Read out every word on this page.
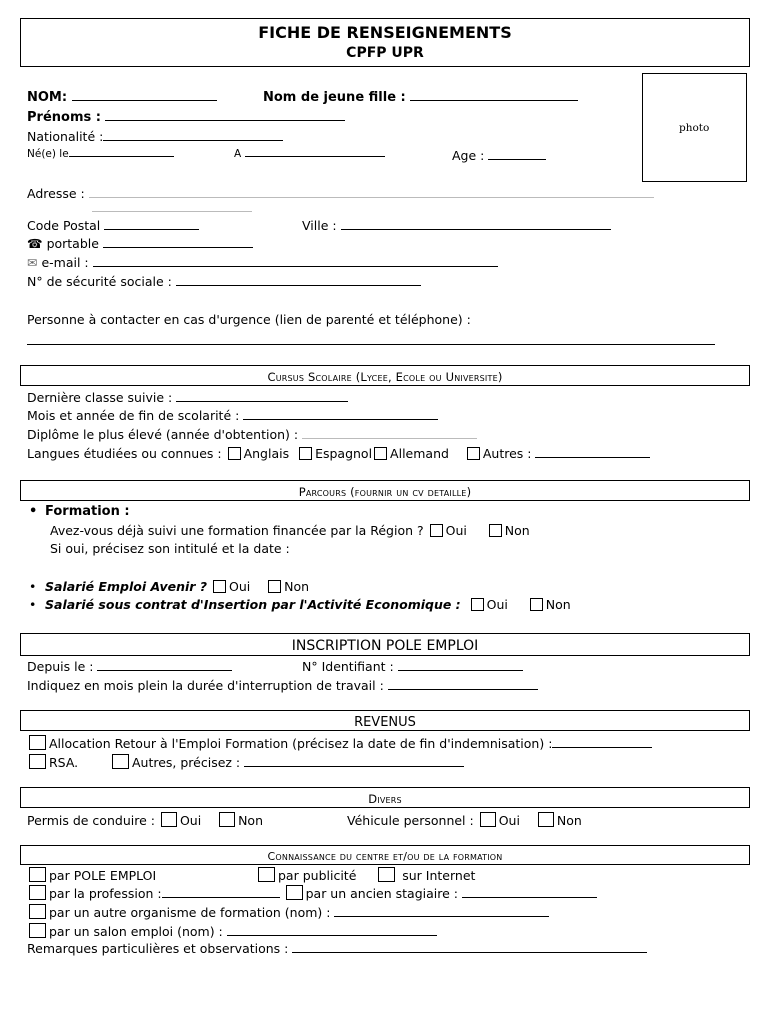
FICHE DE RENSEIGNEMENTS
CPFP UPR
photo
NOM:	Nom de jeune fille :
Prénoms :
Nationalité :
Né(e) le	A	Age :
Adresse :
Code Postal	Ville :
☎ portable
✉ e-mail :
N° de sécurité sociale :
Personne à contacter en cas d'urgence (lien de parenté et téléphone) :
Cursus Scolaire (Lycee, Ecole ou Universite)
Dernière classe suivie :
Mois et année de fin de scolarité :
Diplôme le plus élevé (année d'obtention) :
Langues étudiées ou connues : Anglais Espagnol Allemand	Autres :
Parcours (fournir un cv detaille)
• Formation :
Avez-vous déjà suivi une formation financée par la Région ? Oui	Non
Si oui, précisez son intitulé et la date :
• Salarié Emploi Avenir ? Oui	Non
• Salarié sous contrat d'Insertion par l'Activité Economique : Oui	Non
INSCRIPTION POLE EMPLOI
Depuis le :	N° Identifiant :
Indiquez en mois plein la durée d'interruption de travail :
REVENUS
Allocation Retour à l'Emploi Formation (précisez la date de fin d'indemnisation) :
RSA.	Autres, précisez :
Divers
Permis de conduire : Oui	Non	Véhicule personnel : Oui	Non
Connaissance du centre et/ou de la formation
par POLE EMPLOI	par publicité	sur Internet
par la profession :	par un ancien stagiaire :
par un autre organisme de formation (nom) :
par un salon emploi (nom) :
Remarques particulières et observations :
